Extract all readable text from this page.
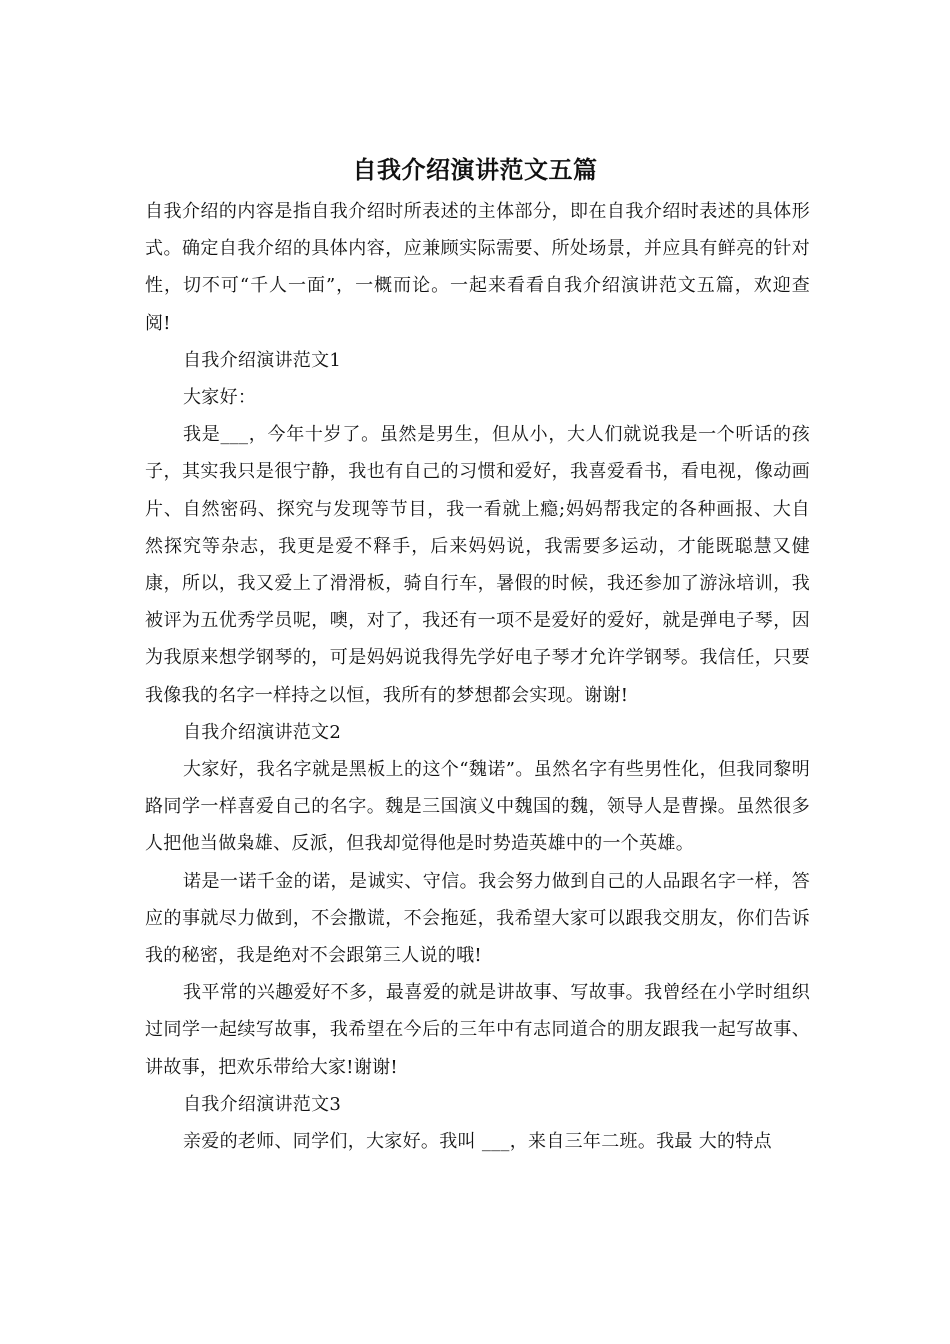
自我介绍演讲范文五篇

自我介绍的内容是指自我介绍时所表述的主体部分，即在自我介绍时表述的具体形式。确定自我介绍的具体内容，应兼顾实际需要、所处场景，并应具有鲜亮的针对性，切不可“千人一面”，一概而论。一起来看看自我介绍演讲范文五篇，欢迎查阅!

自我介绍演讲范文1

大家好：

我是___，今年十岁了。虽然是男生，但从小，大人们就说我是一个听话的孩子，其实我只是很宁静，我也有自己的习惯和爱好，我喜爱看书，看电视，像动画片、自然密码、探究与发现等节目，我一看就上瘾;妈妈帮我定的各种画报、大自然探究等杂志，我更是爱不释手，后来妈妈说，我需要多运动，才能既聪慧又健康，所以，我又爱上了滑滑板，骑自行车，暑假的时候，我还参加了游泳培训，我被评为五优秀学员呢，噢，对了，我还有一项不是爱好的爱好，就是弹电子琴，因为我原来想学钢琴的，可是妈妈说我得先学好电子琴才允许学钢琴。我信任，只要我像我的名字一样持之以恒，我所有的梦想都会实现。谢谢!

自我介绍演讲范文2

大家好，我名字就是黑板上的这个“魏诺”。虽然名字有些男性化，但我同黎明路同学一样喜爱自己的名字。魏是三国演义中魏国的魏，领导人是曹操。虽然很多人把他当做枭雄、反派，但我却觉得他是时势造英雄中的一个英雄。

诺是一诺千金的诺，是诚实、守信。我会努力做到自己的人品跟名字一样，答应的事就尽力做到，不会撒谎，不会拖延，我希望大家可以跟我交朋友，你们告诉我的秘密，我是绝对不会跟第三人说的哦!

我平常的兴趣爱好不多，最喜爱的就是讲故事、写故事。我曾经在小学时组织过同学一起续写故事，我希望在今后的三年中有志同道合的朋友跟我一起写故事、讲故事，把欢乐带给大家!谢谢!

自我介绍演讲范文3

亲爱的老师、同学们，大家好。我叫 ___，来自三年二班。我最 大的特点
